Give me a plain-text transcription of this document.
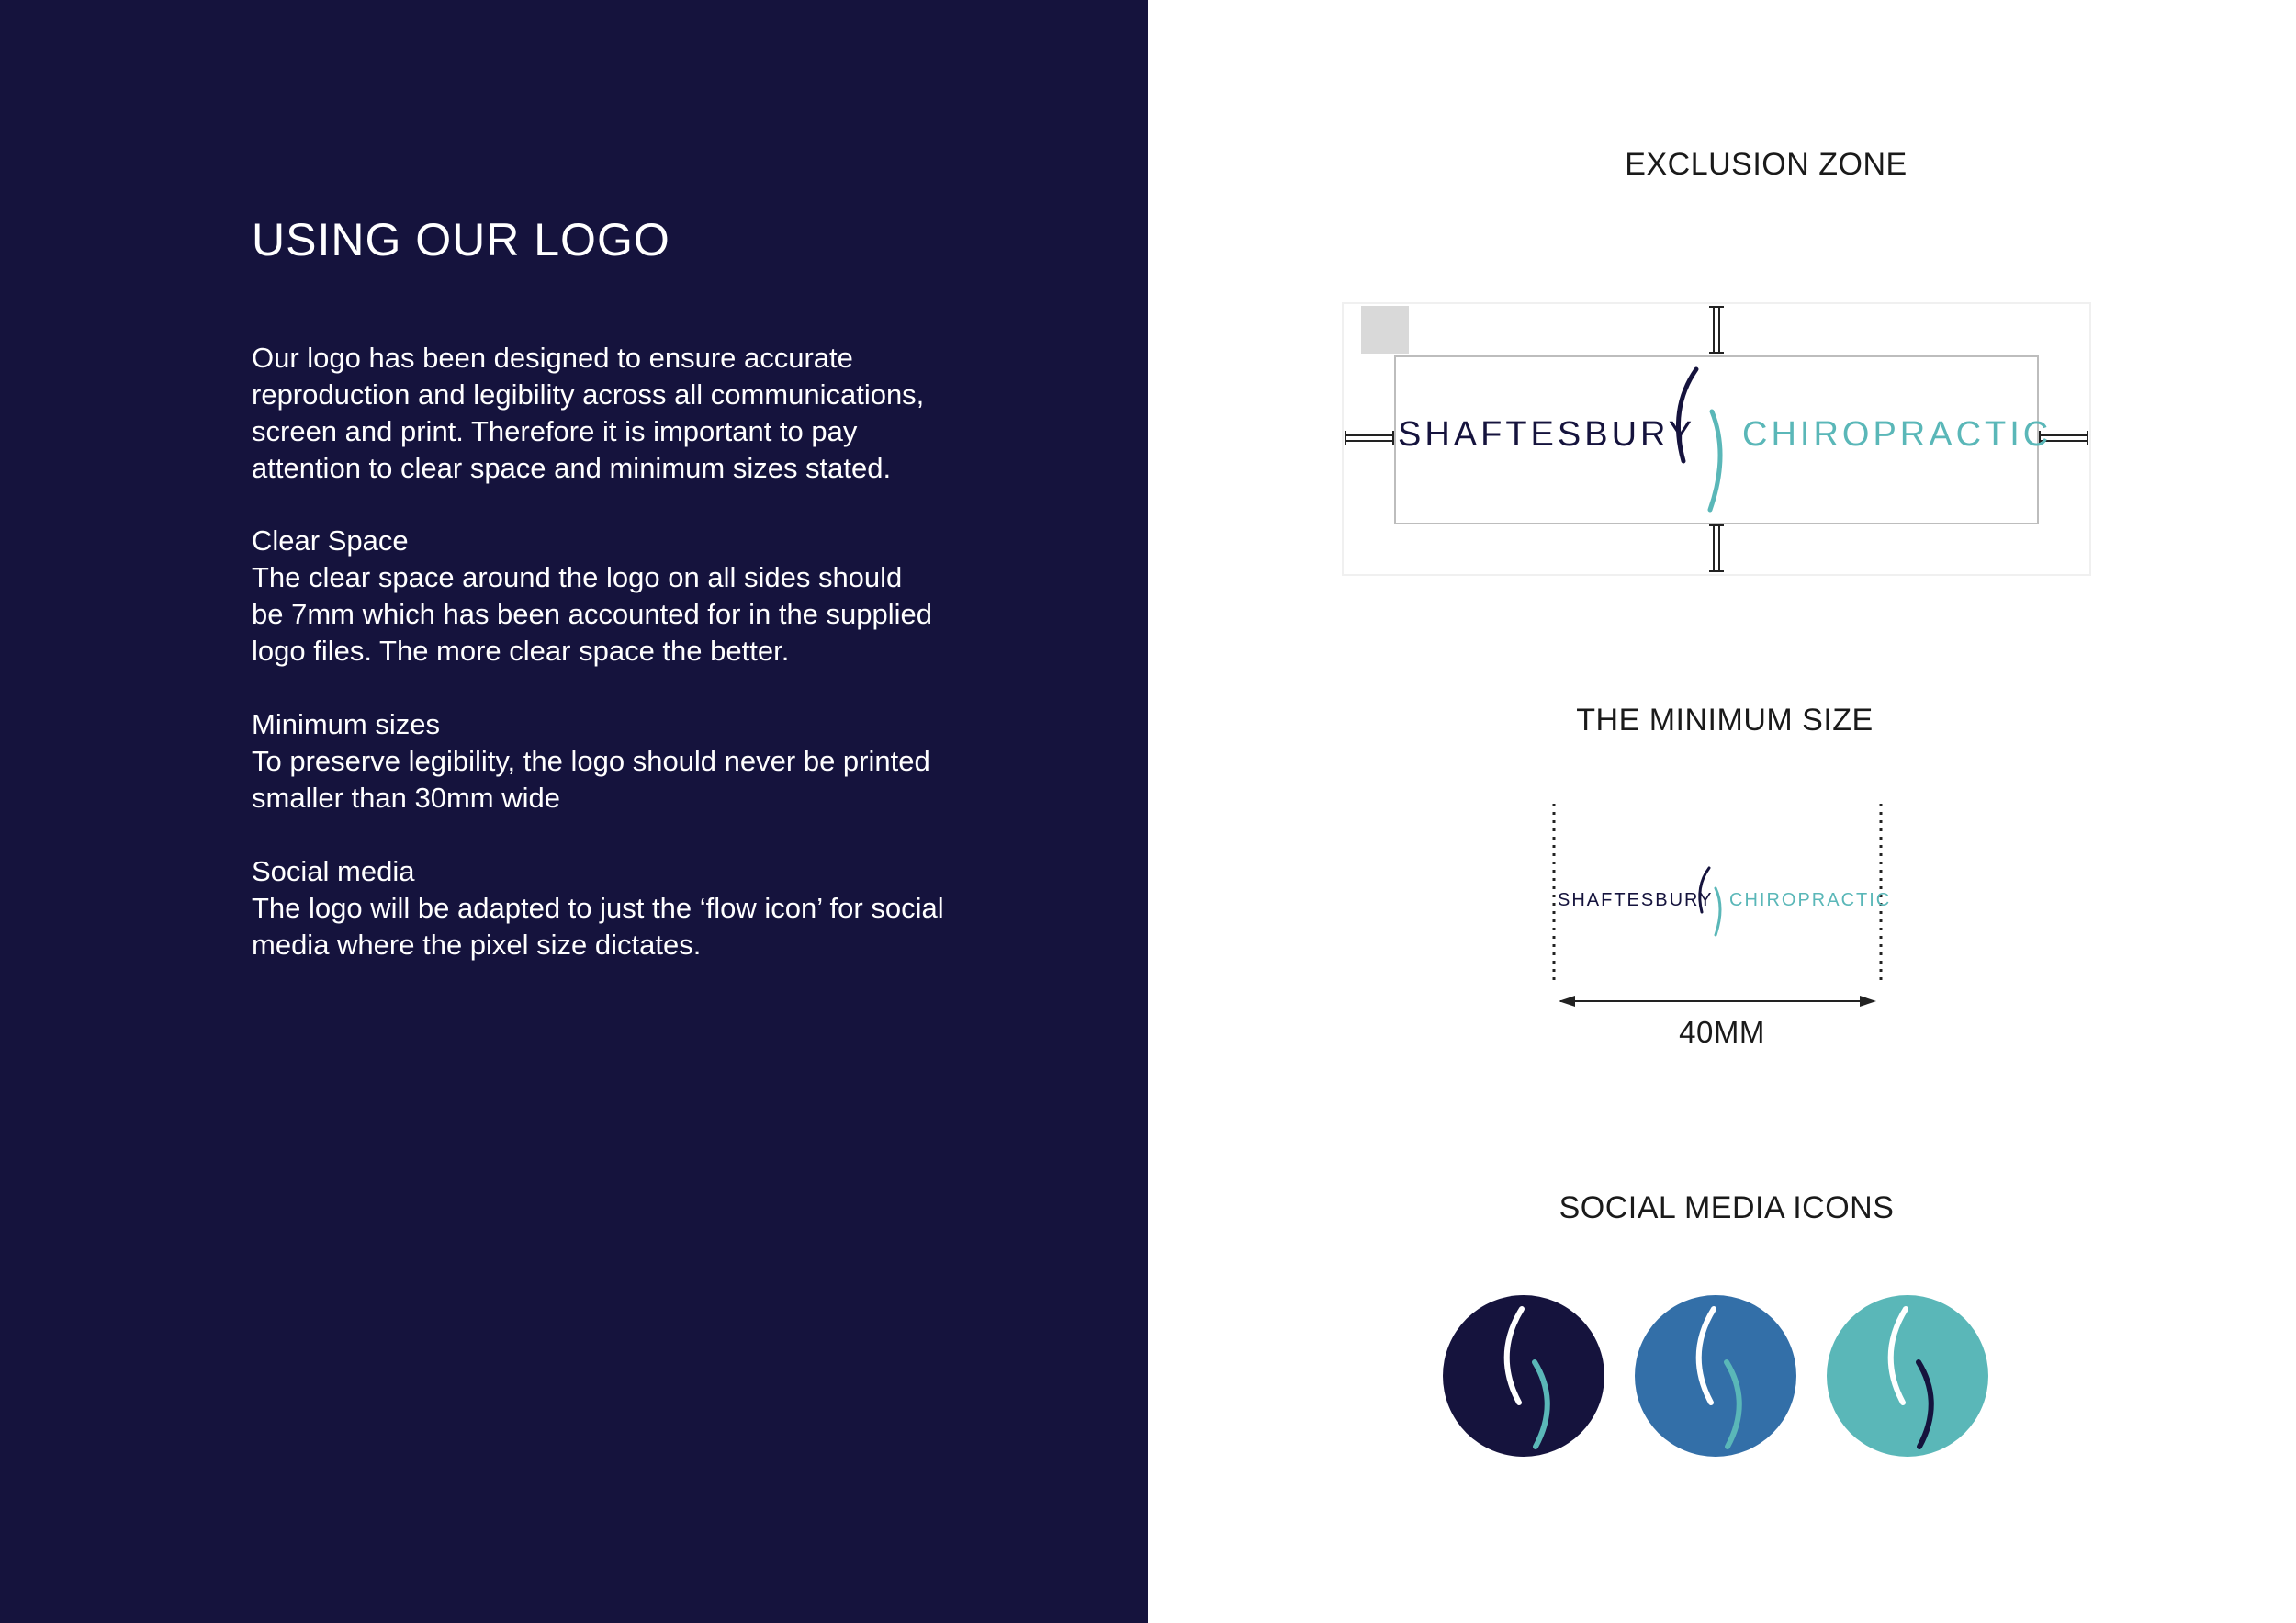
USING OUR LOGO

Our logo has been designed to ensure accurate
reproduction and legibility across all communications,
screen and print. Therefore it is important to pay
attention to clear space and minimum sizes stated.

Clear Space
The clear space around the logo on all sides should
be 7mm which has been accounted for in the supplied
logo files. The more clear space the better.

Minimum sizes
To preserve legibility, the logo should never be printed
smaller than 30mm wide

Social media
The logo will be adapted to just the ‘flow icon’ for social
media where the pixel size dictates.

EXCLUSION ZONE
SHAFTESBURY CHIROPRACTIC
THE MINIMUM SIZE
SHAFTESBURY CHIROPRACTIC
40MM
SOCIAL MEDIA ICONS
